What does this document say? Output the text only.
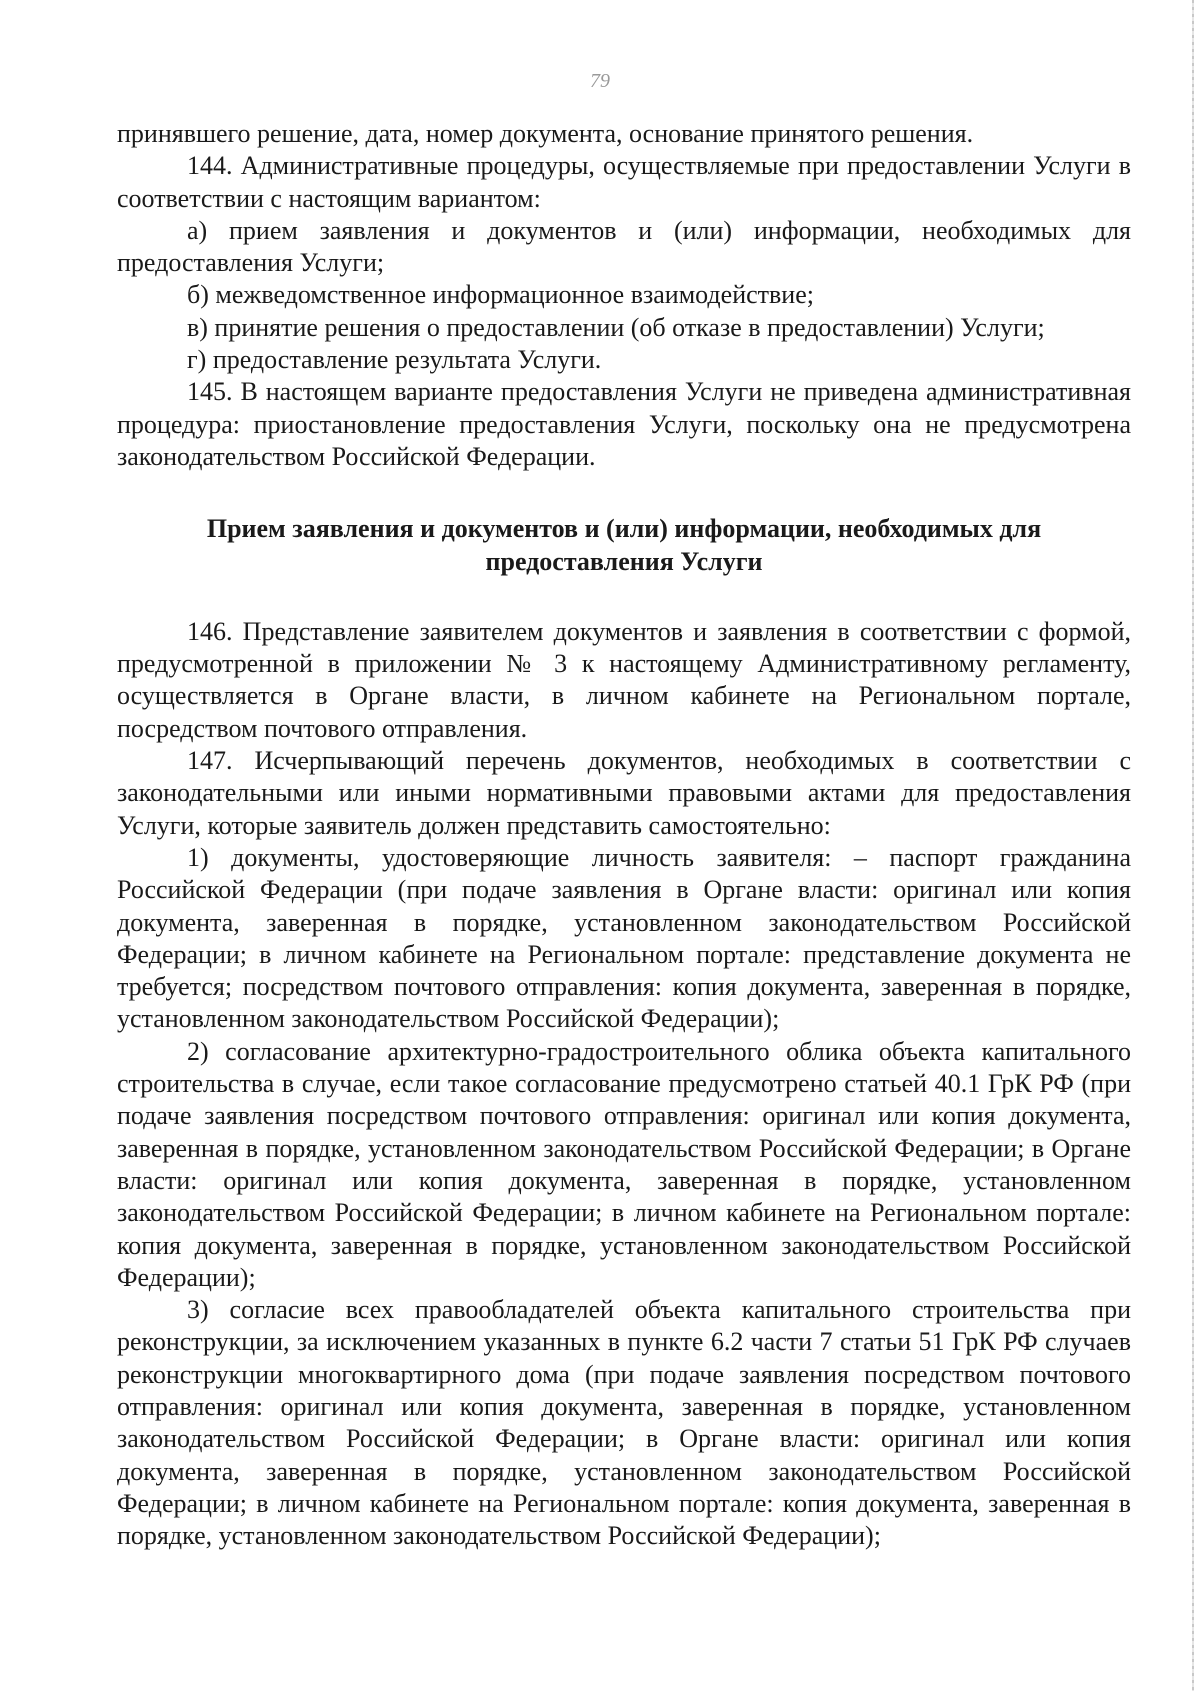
79

принявшего решение, дата, номер документа, основание принятого решения.

144. Административные процедуры, осуществляемые при предоставлении Услуги в соответствии с настоящим вариантом:

а) прием заявления и документов и (или) информации, необходимых для предоставления Услуги;

б) межведомственное информационное взаимодействие;

в) принятие решения о предоставлении (об отказе в предоставлении) Услуги;

г) предоставление результата Услуги.

145. В настоящем варианте предоставления Услуги не приведена административная процедура: приостановление предоставления Услуги, поскольку она не предусмотрена законодательством Российской Федерации.

Прием заявления и документов и (или) информации, необходимых для предоставления Услуги

146. Представление заявителем документов и заявления в соответствии с формой, предусмотренной в приложении № 3 к настоящему Административному регламенту, осуществляется в Органе власти, в личном кабинете на Региональном портале, посредством почтового отправления.

147. Исчерпывающий перечень документов, необходимых в соответствии с законодательными или иными нормативными правовыми актами для предоставления Услуги, которые заявитель должен представить самостоятельно:

1) документы, удостоверяющие личность заявителя: – паспорт гражданина Российской Федерации (при подаче заявления в Органе власти: оригинал или копия документа, заверенная в порядке, установленном законодательством Российской Федерации; в личном кабинете на Региональном портале: представление документа не требуется; посредством почтового отправления: копия документа, заверенная в порядке, установленном законодательством Российской Федерации);

2) согласование архитектурно-градостроительного облика объекта капитального строительства в случае, если такое согласование предусмотрено статьей 40.1 ГрК РФ (при подаче заявления посредством почтового отправления: оригинал или копия документа, заверенная в порядке, установленном законодательством Российской Федерации; в Органе власти: оригинал или копия документа, заверенная в порядке, установленном законодательством Российской Федерации; в личном кабинете на Региональном портале: копия документа, заверенная в порядке, установленном законодательством Российской Федерации);

3) согласие всех правообладателей объекта капитального строительства при реконструкции, за исключением указанных в пункте 6.2 части 7 статьи 51 ГрК РФ случаев реконструкции многоквартирного дома (при подаче заявления посредством почтового отправления: оригинал или копия документа, заверенная в порядке, установленном законодательством Российской Федерации; в Органе власти: оригинал или копия документа, заверенная в порядке, установленном законодательством Российской Федерации; в личном кабинете на Региональном портале: копия документа, заверенная в порядке, установленном законодательством Российской Федерации);
